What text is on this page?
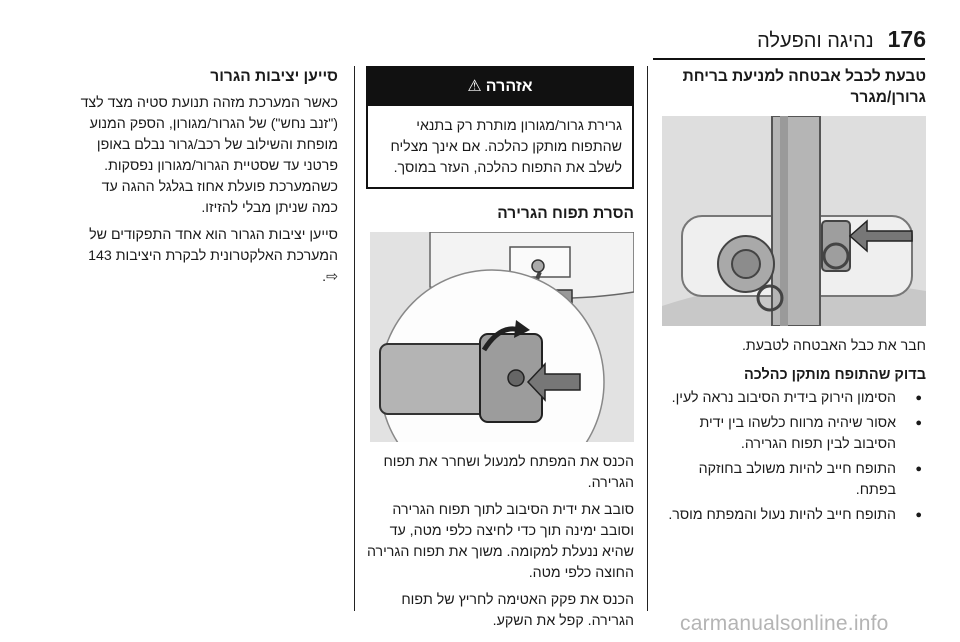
נהיגה והפעלה 176
טבעת לכבל אבטחה למניעת בריחת גרורן/מגרר

חבר את כבל האבטחה לטבעת.

בדוק שהתופח מותקן כהלכה
● הסימון הירוק בידית הסיבוב נראה לעין.
● אסור שיהיה מרווח כלשהו בין ידית הסיבוב לבין תפוח הגרירה.
● התופח חייב להיות משולב בחוזקה בפתח.
● התופח חייב להיות נעול והמפתח מוסר.
אזהרה
⚠
גרירת גרור/מגורון מותרת רק בתנאי שהתפוח מותקן כהלכה. אם אינך מצליח לשלב את התפוח כהלכה, העזר במוסך.
הסרת תפוח הגרירה

הכנס את המפתח למנעול ושחרר את תפוח הגרירה.

סובב את ידית הסיבוב לתוך תפוח הגרירה וסובב ימינה תוך כדי לחיצה כלפי מטה, עד שהיא ננעלת למקומה. משוך את תפוח הגרירה החוצה כלפי מטה.

הכנס את פקק האטימה לחריץ של תפוח הגרירה. קפל את השקע.

סייען יציבות הגרור

כאשר המערכת מזהה תנועת סטיה מצד לצד ("זנב נחש") של הגרור/מגורון, הספק המנוע מופחת והשילוב של רכב/גרור נבלם באופן פרטני עד שסטיית הגרור/מגורון נפסקות. כשהמערכת פועלת אחוז בגלגל ההגה עד כמה שניתן מבלי להזיזו.

סייען יציבות הגרור הוא אחד התפקודים של המערכת האלקטרונית לבקרת היציבות 143 ⇨.

carmanualsonline.info
